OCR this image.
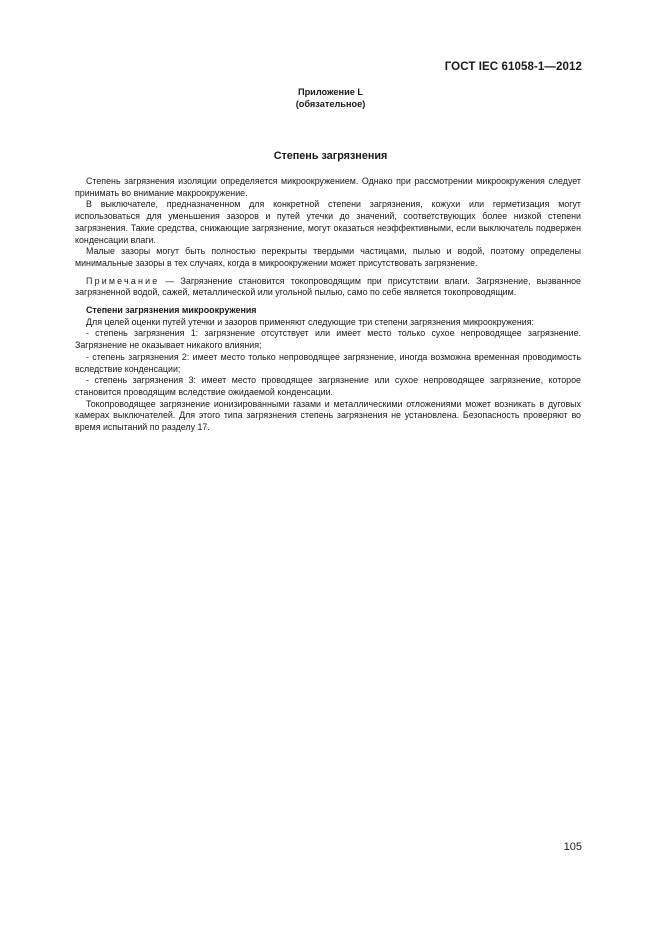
ГОСТ IEC 61058-1—2012
Приложение L
(обязательное)
Степень загрязнения

Степень загрязнения изоляции определяется микроокружением. Однако при рассмотрении микроокружения следует принимать во внимание макроокружение.

В выключателе, предназначенном для конкретной степени загрязнения, кожухи или герметизация могут использоваться для уменьшения зазоров и путей утечки до значений, соответствующих более низкой степени загрязнения. Такие средства, снижающие загрязнение, могут оказаться неэффективными, если выключатель подвержен конденсации влаги.

Малые зазоры могут быть полностью перекрыты твердыми частицами, пылью и водой, поэтому определены минимальные зазоры в тех случаях, когда в микроокружении может присутствовать загрязнение.

Примечание — Загрязнение становится токопроводящим при присутствии влаги. Загрязнение, вызванное загрязненной водой, сажей, металлической или угольной пылью, само по себе является токопроводящим.

Степени загрязнения микроокружения

Для целей оценки путей утечки и зазоров применяют следующие три степени загрязнения микроокружения:

- степень загрязнения 1: загрязнение отсутствует или имеет место только сухое непроводящее загрязнение. Загрязнение не оказывает никакого влияния;

- степень загрязнения 2: имеет место только непроводящее загрязнение, иногда возможна временная проводимость вследствие конденсации;

- степень загрязнения 3: имеет место проводящее загрязнение или сухое непроводящее загрязнение, которое становится проводящим вследствие ожидаемой конденсации.

Токопроводящее загрязнение ионизированными газами и металлическими отложениями может возникать в дуговых камерах выключателей. Для этого типа загрязнения степень загрязнения не установлена. Безопасность проверяют во время испытаний по разделу 17.

105
